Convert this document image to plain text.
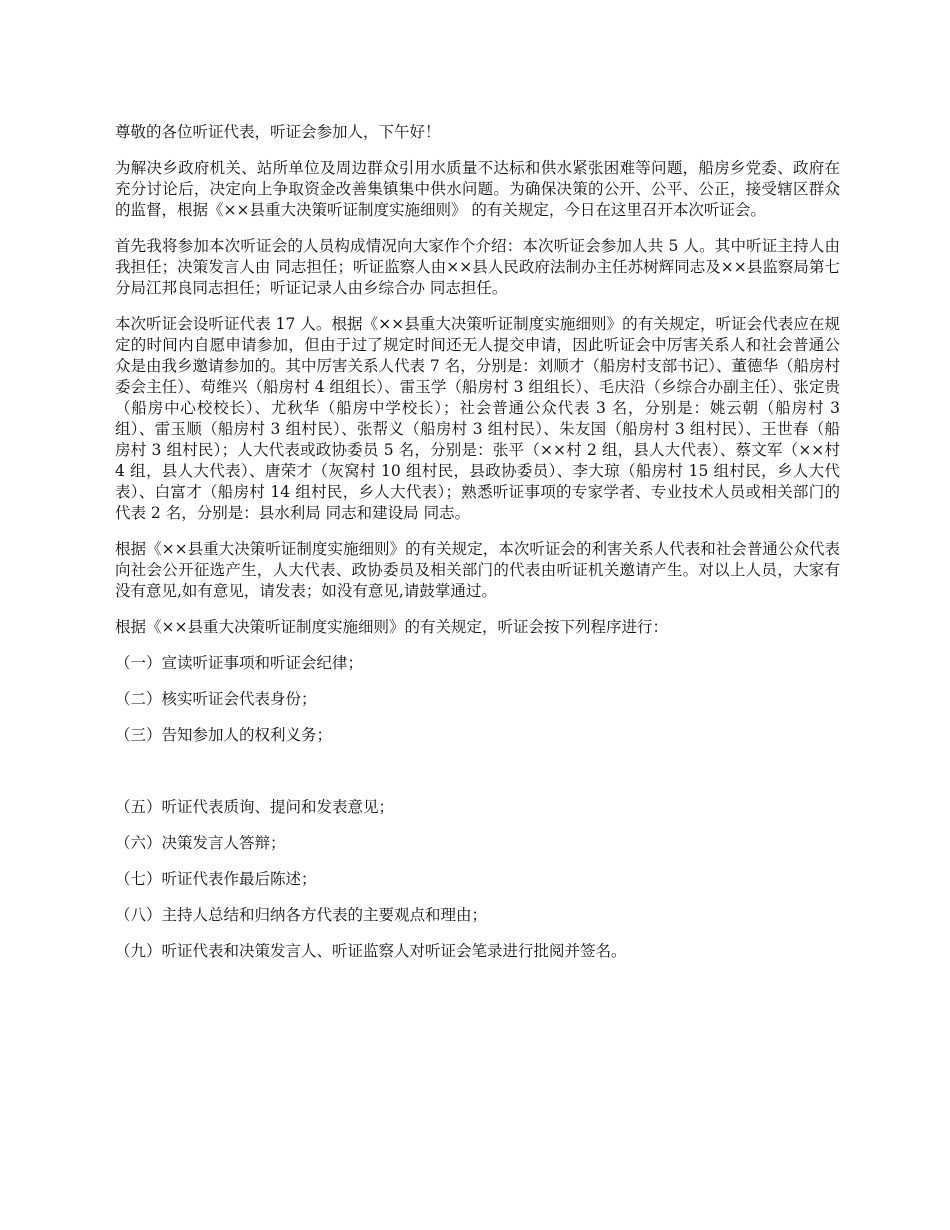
尊敬的各位听证代表，听证会参加人，下午好！

为解决乡政府机关、站所单位及周边群众引用水质量不达标和供水紧张困难等问题，船房乡党委、政府在充分讨论后，决定向上争取资金改善集镇集中供水问题。为确保决策的公开、公平、公正，接受辖区群众的监督，根据《××县重大决策听证制度实施细则》 的有关规定，今日在这里召开本次听证会。

首先我将参加本次听证会的人员构成情况向大家作个介绍：本次听证会参加人共 5 人。其中听证主持人由我担任；决策发言人由 同志担任；听证监察人由××县人民政府法制办主任苏树辉同志及××县监察局第七分局江邦良同志担任；听证记录人由乡综合办 同志担任。

本次听证会设听证代表 17 人。根据《××县重大决策听证制度实施细则》的有关规定，听证会代表应在规定的时间内自愿申请参加，但由于过了规定时间还无人提交申请，因此听证会中厉害关系人和社会普通公众是由我乡邀请参加的。其中厉害关系人代表 7 名，分别是：刘顺才（船房村支部书记）、董德华（船房村委会主任）、苟维兴（船房村 4 组组长）、雷玉学（船房村 3 组组长）、毛庆沿（乡综合办副主任）、张定贵（船房中心校校长）、尤秋华（船房中学校长）；社会普通公众代表 3 名，分别是：姚云朝（船房村 3 组）、雷玉顺（船房村 3 组村民）、张帮义（船房村 3 组村民）、朱友国（船房村 3 组村民）、王世春（船房村 3 组村民）；人大代表或政协委员 5 名，分别是：张平（××村 2 组，县人大代表）、蔡文军（××村 4 组，县人大代表）、唐荣才（灰窝村 10 组村民，县政协委员）、李大琼（船房村 15 组村民，乡人大代表）、白富才（船房村 14 组村民，乡人大代表）；熟悉听证事项的专家学者、专业技术人员或相关部门的代表 2 名，分别是：县水利局 同志和建设局 同志。

根据《××县重大决策听证制度实施细则》的有关规定，本次听证会的利害关系人代表和社会普通公众代表向社会公开征选产生，人大代表、政协委员及相关部门的代表由听证机关邀请产生。对以上人员，大家有没有意见,如有意见，请发表；如没有意见,请鼓掌通过。

根据《××县重大决策听证制度实施细则》的有关规定，听证会按下列程序进行：

（一）宣读听证事项和听证会纪律；

（二）核实听证会代表身份；

（三）告知参加人的权利义务；

（五）听证代表质询、提问和发表意见；

（六）决策发言人答辩；

（七）听证代表作最后陈述；

（八）主持人总结和归纳各方代表的主要观点和理由；

（九）听证代表和决策发言人、听证监察人对听证会笔录进行批阅并签名。
